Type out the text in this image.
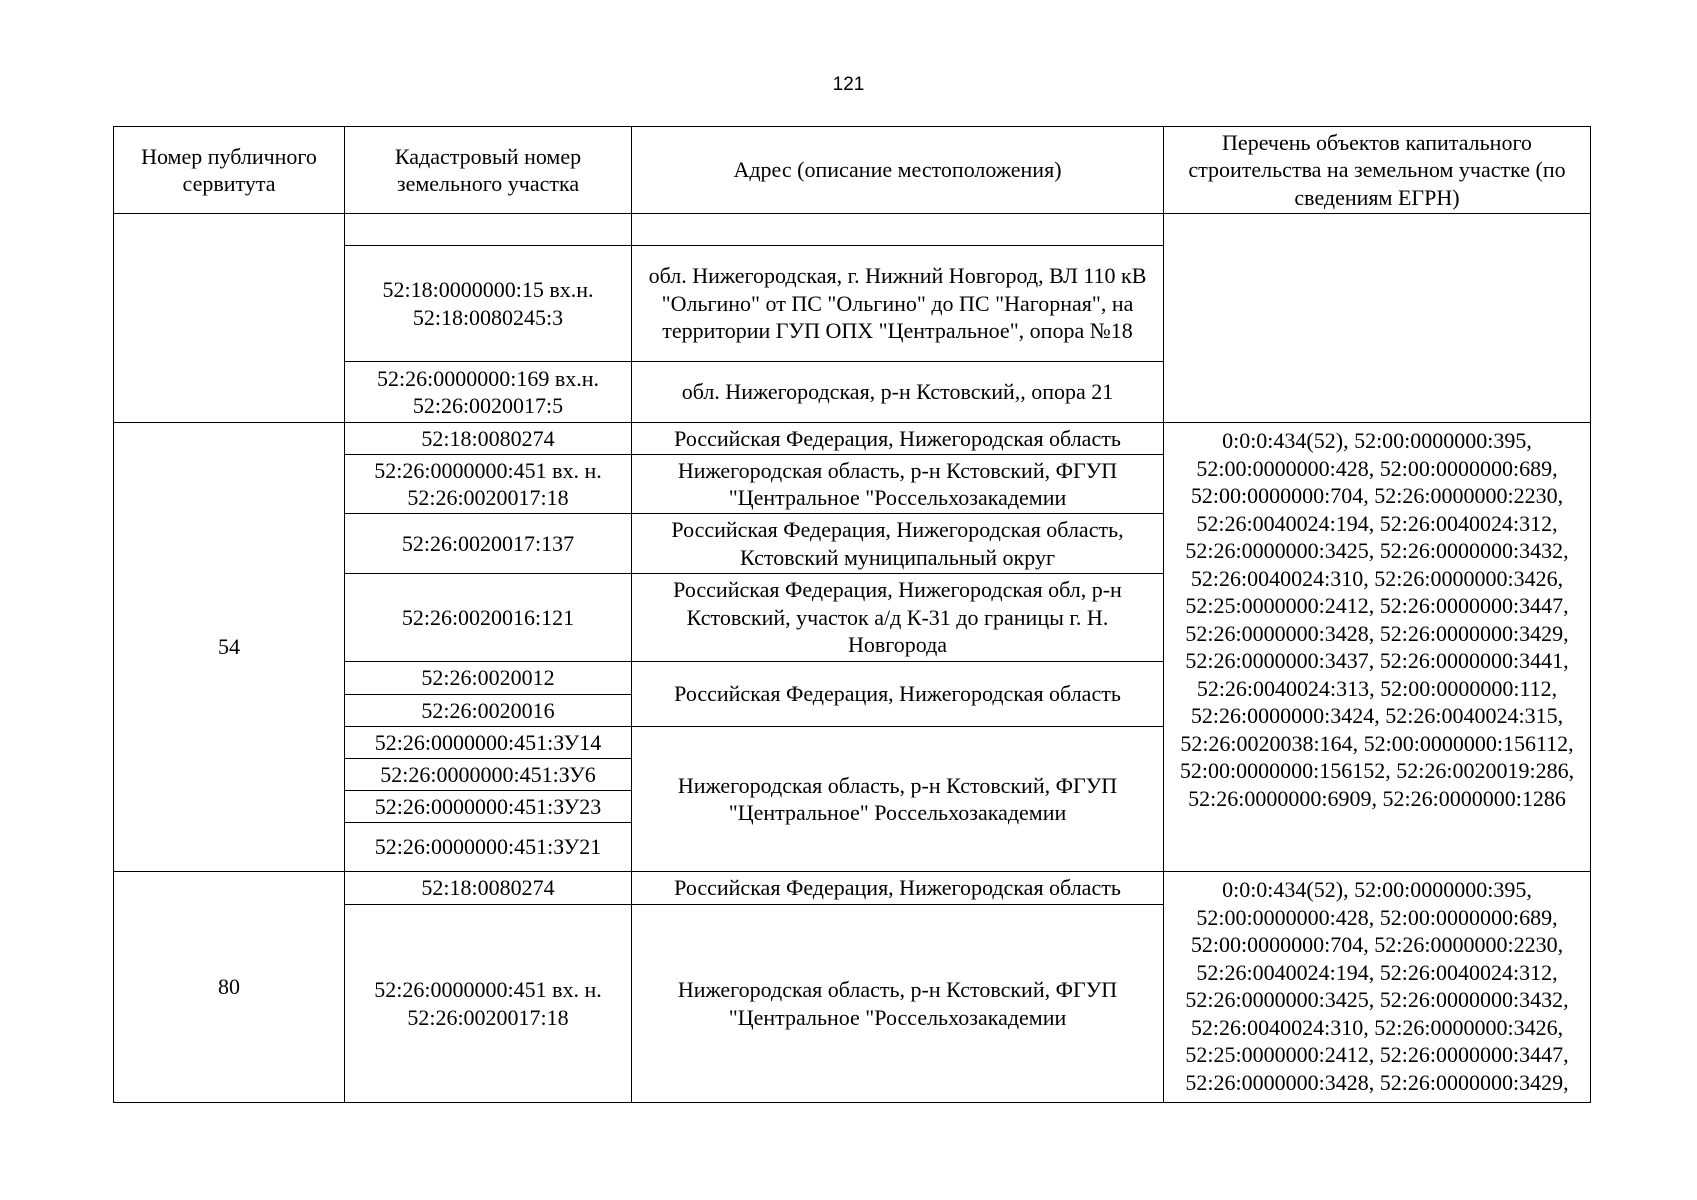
121
Номер публичного сервитута	Кадастровый номер земельного участка	Адрес (описание местоположения)	Перечень объектов капитального строительства на земельном участке (по сведениям ЕГРН)

	52:18:0000000:15 вх.н. 52:18:0080245:3	обл. Нижегородская, г. Нижний Новгород, ВЛ 110 кВ "Ольгино" от ПС "Ольгино" до ПС "Нагорная", на территории ГУП ОПХ "Центральное", опора №18	
	52:26:0000000:169 вх.н. 52:26:0020017:5	обл. Нижегородская, р-н Кстовский,, опора 21	
54	52:18:0080274	Российская Федерация, Нижегородская область	0:0:0:434(52), 52:00:0000000:395, 52:00:0000000:428, 52:00:0000000:689, 52:00:0000000:704, 52:26:0000000:2230, 52:26:0040024:194, 52:26:0040024:312, 52:26:0000000:3425, 52:26:0000000:3432, 52:26:0040024:310, 52:26:0000000:3426, 52:25:0000000:2412, 52:26:0000000:3447, 52:26:0000000:3428, 52:26:0000000:3429, 52:26:0000000:3437, 52:26:0000000:3441, 52:26:0040024:313, 52:00:0000000:112, 52:26:0000000:3424, 52:26:0040024:315, 52:26:0020038:164, 52:00:0000000:156112, 52:00:0000000:156152, 52:26:0020019:286, 52:26:0000000:6909, 52:26:0000000:1286
	52:26:0000000:451 вх. н. 52:26:0020017:18	Нижегородская область, р-н Кстовский, ФГУП "Центральное "Россельхозакадемии	
	52:26:0020017:137	Российская Федерация, Нижегородская область, Кстовский муниципальный округ	
	52:26:0020016:121	Российская Федерация, Нижегородская обл, р-н Кстовский, участок а/д К-31 до границы г. Н. Новгорода	
	52:26:0020012	Российская Федерация, Нижегородская область	
	52:26:0020016		
	52:26:0000000:451:ЗУ14	Нижегородская область, р-н Кстовский, ФГУП "Центральное" Россельхозакадемии	
	52:26:0000000:451:ЗУ6		
	52:26:0000000:451:ЗУ23		
	52:26:0000000:451:ЗУ21		
80	52:18:0080274	Российская Федерация, Нижегородская область	0:0:0:434(52), 52:00:0000000:395, 52:00:0000000:428, 52:00:0000000:689, 52:00:0000000:704, 52:26:0000000:2230, 52:26:0040024:194, 52:26:0040024:312, 52:26:0000000:3425, 52:26:0000000:3432, 52:26:0040024:310, 52:26:0000000:3426, 52:25:0000000:2412, 52:26:0000000:3447, 52:26:0000000:3428, 52:26:0000000:3429,
	52:26:0000000:451 вх. н. 52:26:0020017:18	Нижегородская область, р-н Кстовский, ФГУП "Центральное "Россельхозакадемии	
